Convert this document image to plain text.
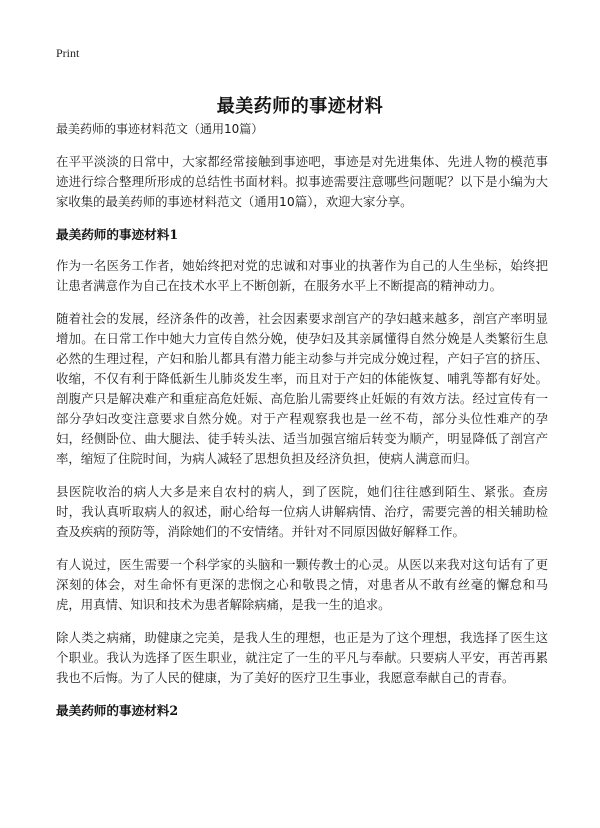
Print
最美药师的事迹材料
最美药师的事迹材料范文（通用10篇）

在平平淡淡的日常中，大家都经常接触到事迹吧，事迹是对先进集体、先进人物的模范事迹进行综合整理所形成的总结性书面材料。拟事迹需要注意哪些问题呢？以下是小编为大家收集的最美药师的事迹材料范文（通用10篇），欢迎大家分享。

最美药师的事迹材料1

作为一名医务工作者，她始终把对党的忠诚和对事业的执著作为自己的人生坐标，始终把让患者满意作为自己在技术水平上不断创新，在服务水平上不断提高的精神动力。

随着社会的发展，经济条件的改善，社会因素要求剖宫产的孕妇越来越多，剖宫产率明显增加。在日常工作中她大力宣传自然分娩，使孕妇及其亲属懂得自然分娩是人类繁衍生息必然的生理过程，产妇和胎儿都具有潜力能主动参与并完成分娩过程，产妇子宫的挤压、收缩，不仅有利于降低新生儿肺炎发生率，而且对于产妇的体能恢复、哺乳等都有好处。剖腹产只是解决难产和重症高危妊娠、高危胎儿需要终止妊娠的有效方法。经过宣传有一部分孕妇改变注意要求自然分娩。对于产程观察我也是一丝不苟，部分头位性难产的孕妇，经侧卧位、曲大腿法、徒手转头法、适当加强宫缩后转变为顺产，明显降低了剖宫产率，缩短了住院时间，为病人减轻了思想负担及经济负担，使病人满意而归。

县医院收治的病人大多是来自农村的病人，到了医院，她们往往感到陌生、紧张。查房时，我认真听取病人的叙述，耐心给每一位病人讲解病情、治疗，需要完善的相关辅助检查及疾病的预防等，消除她们的不安情绪。并针对不同原因做好解释工作。

有人说过，医生需要一个科学家的头脑和一颗传教士的心灵。从医以来我对这句话有了更深刻的体会，对生命怀有更深的悲悯之心和敬畏之情，对患者从不敢有丝毫的懈怠和马虎，用真情、知识和技术为患者解除病痛，是我一生的追求。

除人类之病痛，助健康之完美，是我人生的理想，也正是为了这个理想，我选择了医生这个职业。我认为选择了医生职业，就注定了一生的平凡与奉献。只要病人平安，再苦再累我也不后悔。为了人民的健康，为了美好的医疗卫生事业，我愿意奉献自己的青春。

最美药师的事迹材料2
